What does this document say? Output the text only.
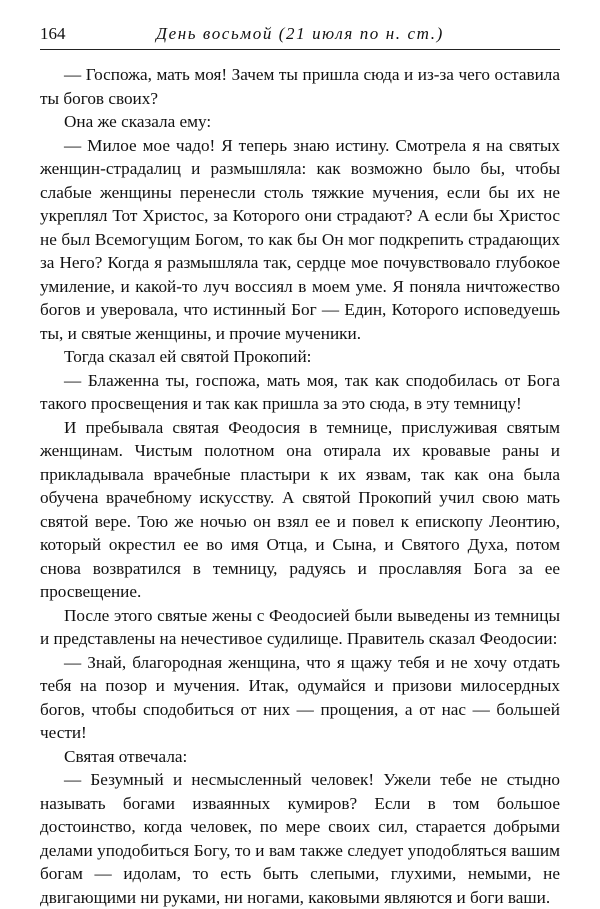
164	День восьмой (21 июля по н. ст.)

— Госпожа, мать моя! Зачем ты пришла сюда и из-за чего оставила ты богов своих?

Она же сказала ему:

— Милое мое чадо! Я теперь знаю истину. Смотрела я на святых женщин-страдалиц и размышляла: как возможно было бы, чтобы слабые женщины перенесли столь тяжкие мучения, если бы их не укреплял Тот Христос, за Которого они страдают? А если бы Христос не был Всемогущим Богом, то как бы Он мог подкрепить страдающих за Него? Когда я размышляла так, сердце мое почувствовало глубокое умиление, и какой-то луч воссиял в моем уме. Я поняла ничтожество богов и уверовала, что истинный Бог — Един, Которого исповедуешь ты, и святые женщины, и прочие мученики.

Тогда сказал ей святой Прокопий:

— Блаженна ты, госпожа, мать моя, так как сподобилась от Бога такого просвещения и так как пришла за это сюда, в эту темницу!

И пребывала святая Феодосия в темнице, прислуживая святым женщинам. Чистым полотном она отирала их кровавые раны и прикладывала врачебные пластыри к их язвам, так как она была обучена врачебному искусству. А святой Прокопий учил свою мать святой вере. Тою же ночью он взял ее и повел к епископу Леонтию, который окрестил ее во имя Отца, и Сына, и Святого Духа, потом снова возвратился в темницу, радуясь и прославляя Бога за ее просвещение.

После этого святые жены с Феодосией были выведены из темницы и представлены на нечестивое судилище. Правитель сказал Феодосии:

— Знай, благородная женщина, что я щажу тебя и не хочу отдать тебя на позор и мучения. Итак, одумайся и призови милосердных богов, чтобы сподобиться от них — прощения, а от нас — большей чести!

Святая отвечала:

— Безумный и несмысленный человек! Ужели тебе не стыдно называть богами изваянных кумиров? Если в том большое достоинство, когда человек, по мере своих сил, старается добрыми делами уподобиться Богу, то и вам также следует уподобляться вашим богам — идолам, то есть быть слепыми, глухими, немыми, не двигающими ни руками, ни ногами, каковыми являются и боги ваши.
